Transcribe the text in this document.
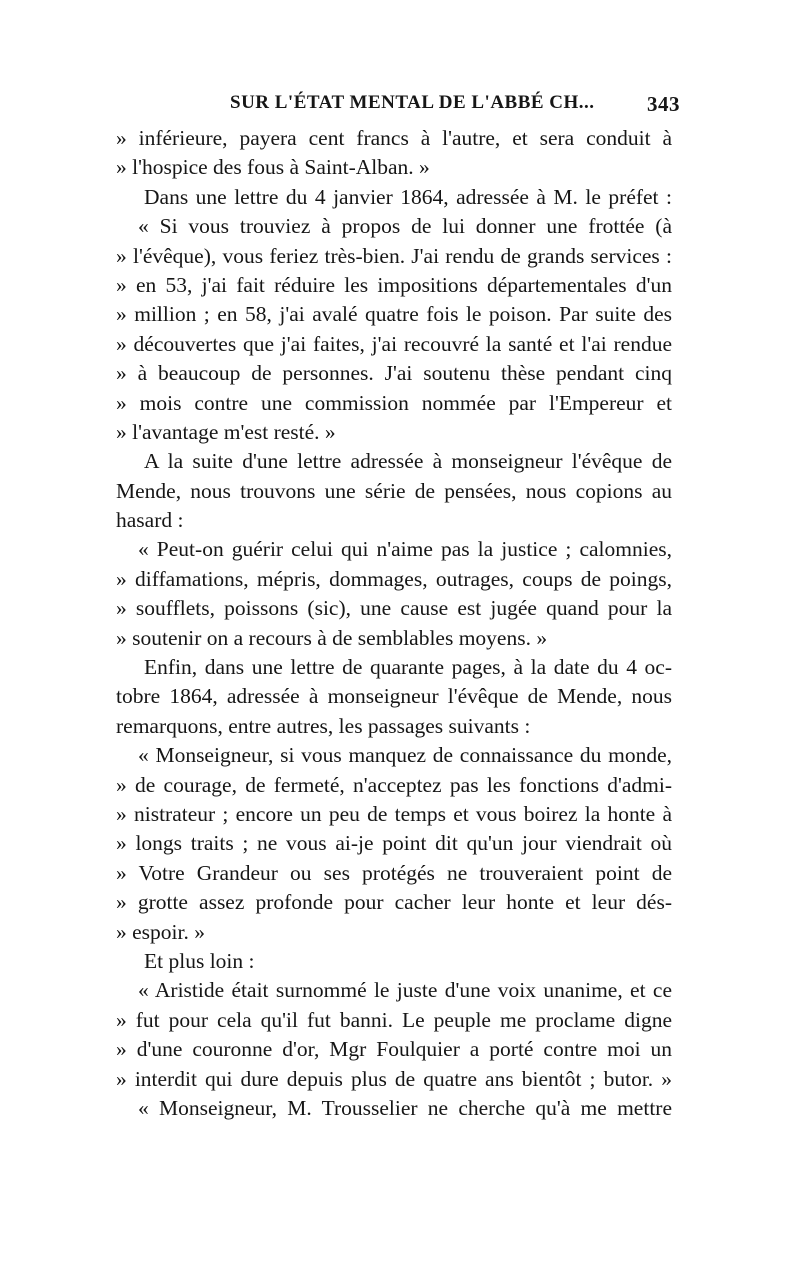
SUR L'ÉTAT MENTAL DE L'ABBÉ CH... 343
» inférieure, payera cent francs à l'autre, et sera conduit à
» l'hospice des fous à Saint-Alban. »
Dans une lettre du 4 janvier 1864, adressée à M. le préfet :
« Si vous trouviez à propos de lui donner une frottée (à
» l'évêque), vous feriez très-bien. J'ai rendu de grands services :
» en 53, j'ai fait réduire les impositions départementales d'un
» million ; en 58, j'ai avalé quatre fois le poison. Par suite des
» découvertes que j'ai faites, j'ai recouvré la santé et l'ai rendue
» à beaucoup de personnes. J'ai soutenu thèse pendant cinq
» mois contre une commission nommée par l'Empereur et
» l'avantage m'est resté. »
A la suite d'une lettre adressée à monseigneur l'évêque de
Mende, nous trouvons une série de pensées, nous copions au
hasard :
« Peut-on guérir celui qui n'aime pas la justice ; calomnies,
» diffamations, mépris, dommages, outrages, coups de poings,
» soufflets, poissons (sic), une cause est jugée quand pour la
» soutenir on a recours à de semblables moyens. »
Enfin, dans une lettre de quarante pages, à la date du 4 oc-
tobre 1864, adressée à monseigneur l'évêque de Mende, nous
remarquons, entre autres, les passages suivants :
« Monseigneur, si vous manquez de connaissance du monde,
» de courage, de fermeté, n'acceptez pas les fonctions d'admi-
» nistrateur ; encore un peu de temps et vous boirez la honte à
» longs traits ; ne vous ai-je point dit qu'un jour viendrait où
» Votre Grandeur ou ses protégés ne trouveraient point de
» grotte assez profonde pour cacher leur honte et leur dés-
» espoir. »
Et plus loin :
« Aristide était surnommé le juste d'une voix unanime, et ce
» fut pour cela qu'il fut banni. Le peuple me proclame digne
» d'une couronne d'or, Mgr Foulquier a porté contre moi un
» interdit qui dure depuis plus de quatre ans bientôt ; butor. »
« Monseigneur, M. Trousselier ne cherche qu'à me mettre
